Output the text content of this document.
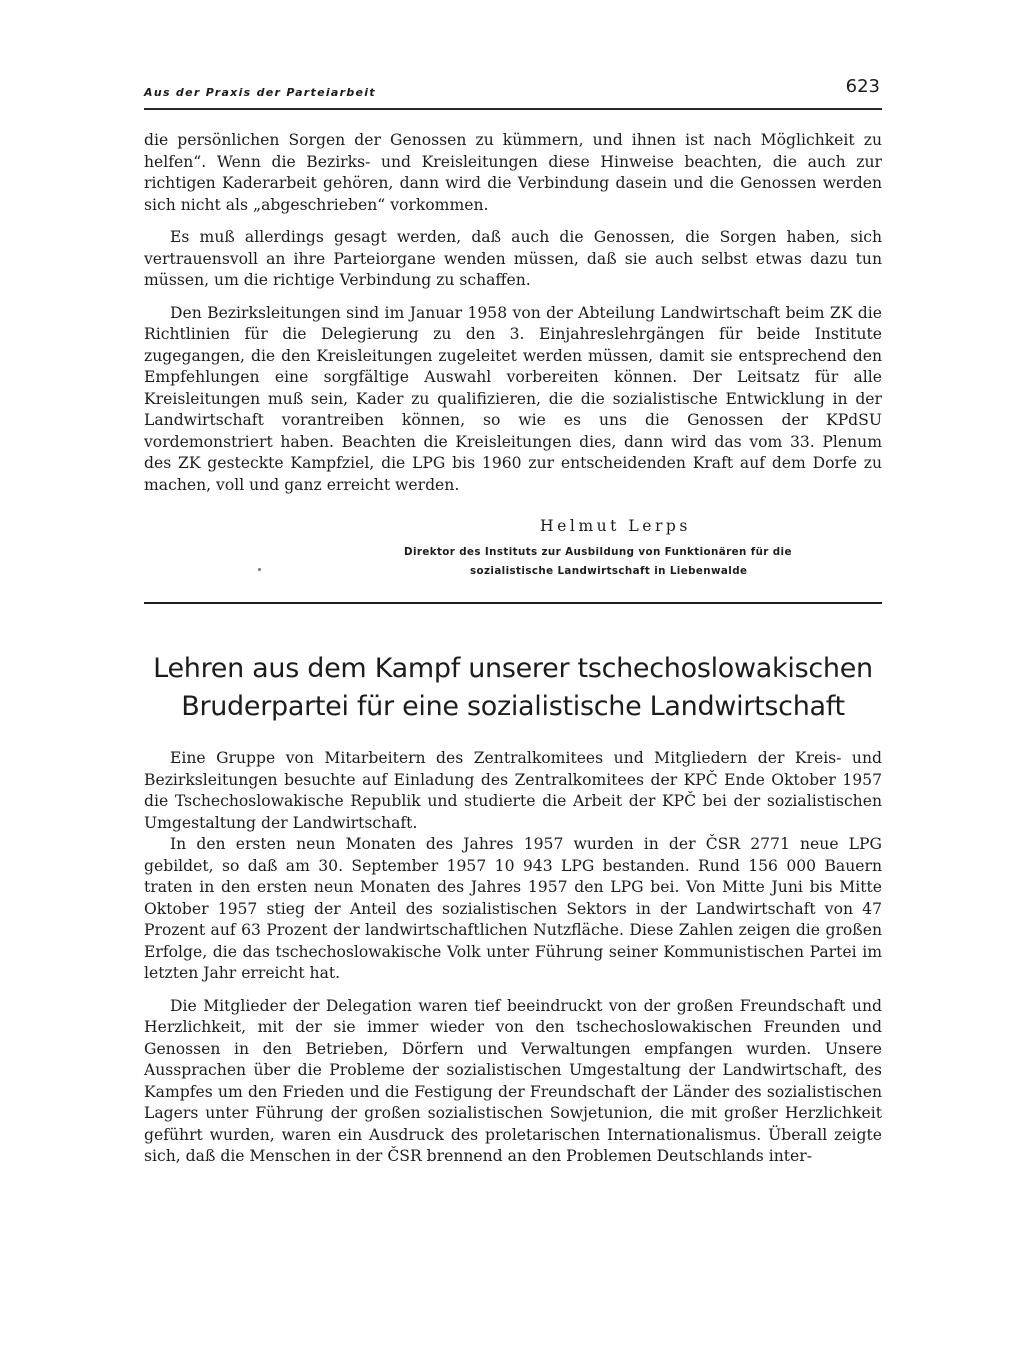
Aus der Praxis der Parteiarbeit	623

die persönlichen Sorgen der Genossen zu kümmern, und ihnen ist nach Möglichkeit zu helfen“. Wenn die Bezirks- und Kreisleitungen diese Hinweise beachten, die auch zur richtigen Kaderarbeit gehören, dann wird die Verbindung dasein und die Genossen werden sich nicht als „abgeschrieben“ vorkommen.

Es muß allerdings gesagt werden, daß auch die Genossen, die Sorgen haben, sich vertrauensvoll an ihre Parteiorgane wenden müssen, daß sie auch selbst etwas dazu tun müssen, um die richtige Verbindung zu schaffen.

Den Bezirksleitungen sind im Januar 1958 von der Abteilung Landwirtschaft beim ZK die Richtlinien für die Delegierung zu den 3. Einjahreslehrgängen für beide Institute zugegangen, die den Kreisleitungen zugeleitet werden müssen, damit sie entsprechend den Empfehlungen eine sorgfältige Auswahl vorbereiten können. Der Leitsatz für alle Kreisleitungen muß sein, Kader zu qualifizieren, die die sozialistische Entwicklung in der Landwirtschaft vorantreiben können, so wie es uns die Genossen der KPdSU vordemonstriert haben. Beachten die Kreisleitungen dies, dann wird das vom 33. Plenum des ZK gesteckte Kampfziel, die LPG bis 1960 zur entscheidenden Kraft auf dem Dorfe zu machen, voll und ganz erreicht werden.

Helmut Lerps
Direktor des Instituts zur Ausbildung von Funktionären für die
sozialistische Landwirtschaft in Liebenwalde
Lehren aus dem Kampf unserer tschechoslowakischen
Bruderpartei für eine sozialistische Landwirtschaft

Eine Gruppe von Mitarbeitern des Zentralkomitees und Mitgliedern der Kreis- und Bezirksleitungen besuchte auf Einladung des Zentralkomitees der KPČ Ende Oktober 1957 die Tschechoslowakische Republik und studierte die Arbeit der KPČ bei der sozialistischen Umgestaltung der Landwirtschaft.

In den ersten neun Monaten des Jahres 1957 wurden in der ČSR 2771 neue LPG gebildet, so daß am 30. September 1957 10 943 LPG bestanden. Rund 156 000 Bauern traten in den ersten neun Monaten des Jahres 1957 den LPG bei. Von Mitte Juni bis Mitte Oktober 1957 stieg der Anteil des sozialistischen Sektors in der Landwirtschaft von 47 Prozent auf 63 Prozent der landwirtschaftlichen Nutzfläche. Diese Zahlen zeigen die großen Erfolge, die das tschechoslowakische Volk unter Führung seiner Kommunistischen Partei im letzten Jahr erreicht hat.

Die Mitglieder der Delegation waren tief beeindruckt von der großen Freundschaft und Herzlichkeit, mit der sie immer wieder von den tschechoslowakischen Freunden und Genossen in den Betrieben, Dörfern und Verwaltungen empfangen wurden. Unsere Aussprachen über die Probleme der sozialistischen Umgestaltung der Landwirtschaft, des Kampfes um den Frieden und die Festigung der Freundschaft der Länder des sozialistischen Lagers unter Führung der großen sozialistischen Sowjetunion, die mit großer Herzlichkeit geführt wurden, waren ein Ausdruck des proletarischen Internationalismus. Überall zeigte sich, daß die Menschen in der ČSR brennend an den Problemen Deutschlands inter-
